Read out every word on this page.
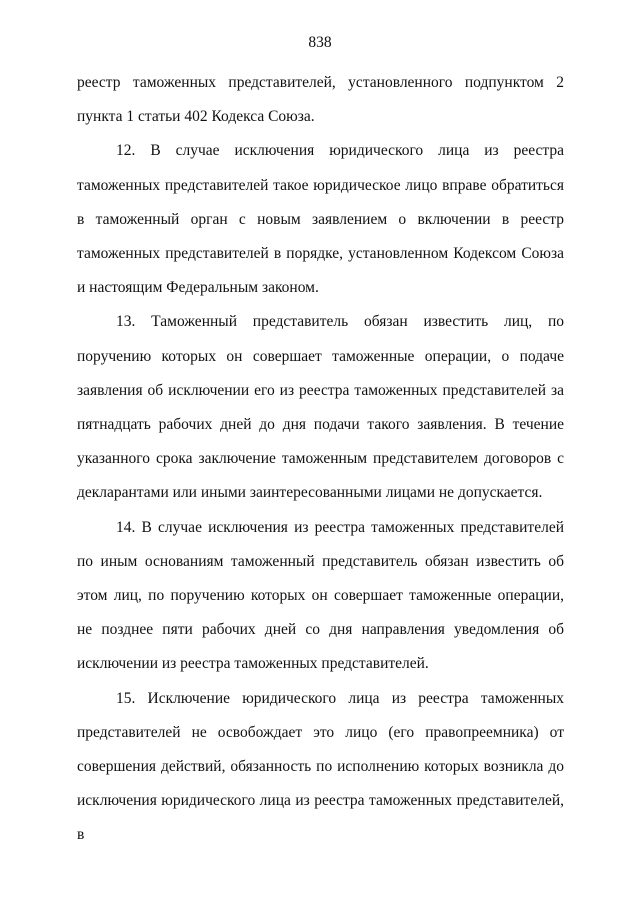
838

реестр таможенных представителей, установленного подпунктом 2 пункта 1 статьи 402 Кодекса Союза.

12. В случае исключения юридического лица из реестра таможенных представителей такое юридическое лицо вправе обратиться в таможенный орган с новым заявлением о включении в реестр таможенных представителей в порядке, установленном Кодексом Союза и настоящим Федеральным законом.

13. Таможенный представитель обязан известить лиц, по поручению которых он совершает таможенные операции, о подаче заявления об исключении его из реестра таможенных представителей за пятнадцать рабочих дней до дня подачи такого заявления. В течение указанного срока заключение таможенным представителем договоров с декларантами или иными заинтересованными лицами не допускается.

14. В случае исключения из реестра таможенных представителей по иным основаниям таможенный представитель обязан известить об этом лиц, по поручению которых он совершает таможенные операции, не позднее пяти рабочих дней со дня направления уведомления об исключении из реестра таможенных представителей.

15. Исключение юридического лица из реестра таможенных представителей не освобождает это лицо (его правопреемника) от совершения действий, обязанность по исполнению которых возникла до исключения юридического лица из реестра таможенных представителей, в
